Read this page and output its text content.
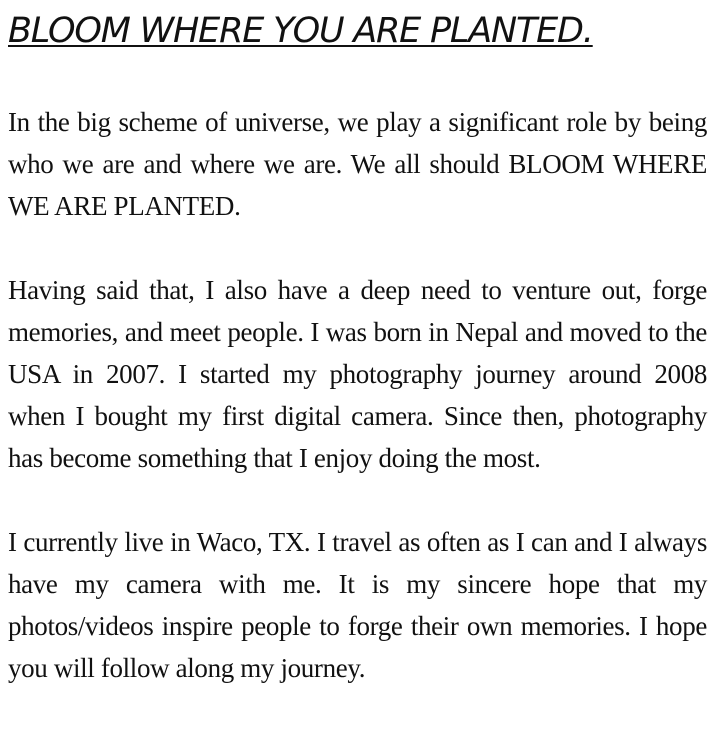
BLOOM WHERE YOU ARE PLANTED.

In the big scheme of universe, we play a significant role by being who we are and where we are. We all should BLOOM WHERE WE ARE PLANTED.

Having said that, I also have a deep need to venture out, forge memories, and meet people. I was born in Nepal and moved to the USA in 2007. I started my photography journey around 2008 when I bought my first digital camera. Since then, photography has become something that I enjoy doing the most.

I currently live in Waco, TX. I travel as often as I can and I always have my camera with me. It is my sincere hope that my photos/videos inspire people to forge their own memories. I hope you will follow along my journey.
